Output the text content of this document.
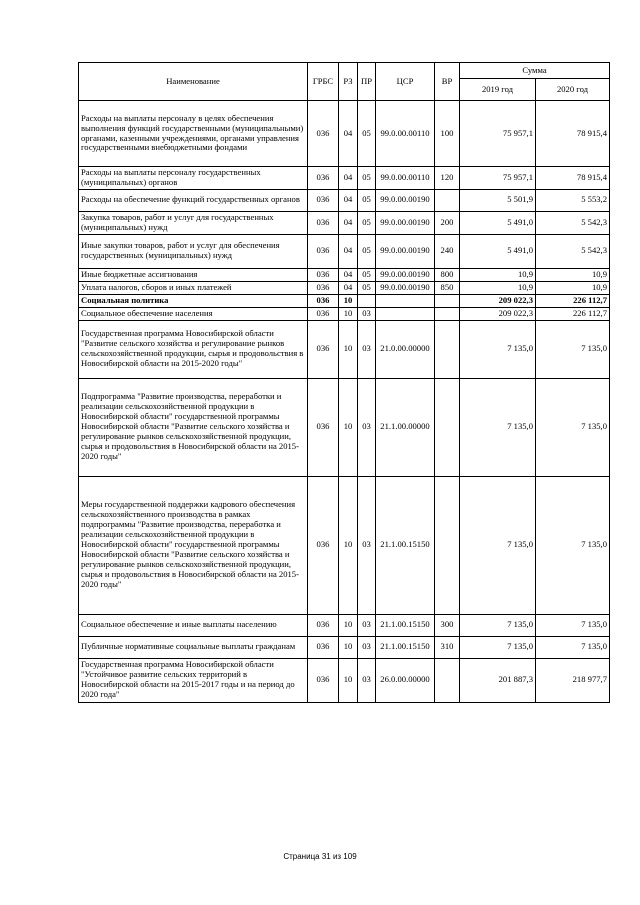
Наименование	ГРБС	РЗ	ПР	ЦСР	ВР	Сумма	
						2019 год	2020 год
Расходы на выплаты персоналу в целях обеспечения выполнения функций государственными (муниципальными) органами, казенными учреждениями, органами управления государственными внебюджетными фондами	036	04	05	99.0.00.00110	100	75 957,1	78 915,4
Расходы на выплаты персоналу государственных (муниципальных) органов	036	04	05	99.0.00.00110	120	75 957,1	78 915,4
Расходы на обеспечение функций государственных органов	036	04	05	99.0.00.00190		5 501,9	5 553,2
Закупка товаров, работ и услуг для государственных (муниципальных) нужд	036	04	05	99.0.00.00190	200	5 491,0	5 542,3
Иные закупки товаров, работ и услуг для обеспечения государственных (муниципальных) нужд	036	04	05	99.0.00.00190	240	5 491,0	5 542,3
Иные бюджетные ассигнования	036	04	05	99.0.00.00190	800	10,9	10,9
Уплата налогов, сборов и иных платежей	036	04	05	99.0.00.00190	850	10,9	10,9
Социальная политика	036	10				209 022,3	226 112,7
Социальное обеспечение населения	036	10	03			209 022,3	226 112,7
Государственная программа Новосибирской области "Развитие сельского хозяйства и регулирование рынков сельскохозяйственной продукции, сырья и продовольствия в Новосибирской области на 2015-2020 годы"	036	10	03	21.0.00.00000		7 135,0	7 135,0
Подпрограмма "Развитие производства, переработки и реализации сельскохозяйственной продукции в Новосибирской области" государственной программы Новосибирской области "Развитие сельского хозяйства и регулирование рынков сельскохозяйственной продукции, сырья и продовольствия в Новосибирской области на 2015-2020 годы"	036	10	03	21.1.00.00000		7 135,0	7 135,0
Меры государственной поддержки кадрового обеспечения сельскохозяйственного производства в рамках подпрограммы "Развитие производства, переработка и реализации сельскохозяйственной продукции в Новосибирской области" государственной программы Новосибирской области "Развитие сельского хозяйства и регулирование рынков сельскохозяйственной продукции, сырья и продовольствия в Новосибирской области на 2015-2020 годы"	036	10	03	21.1.00.15150		7 135,0	7 135,0
Социальное обеспечение и иные выплаты населению	036	10	03	21.1.00.15150	300	7 135,0	7 135,0
Публичные нормативные социальные выплаты гражданам	036	10	03	21.1.00.15150	310	7 135,0	7 135,0
Государственная программа Новосибирской области "Устойчивое развитие сельских территорий в Новосибирской области на 2015-2017 годы и на период до 2020 года"	036	10	03	26.0.00.00000		201 887,3	218 977,7
Страница 31 из 109
